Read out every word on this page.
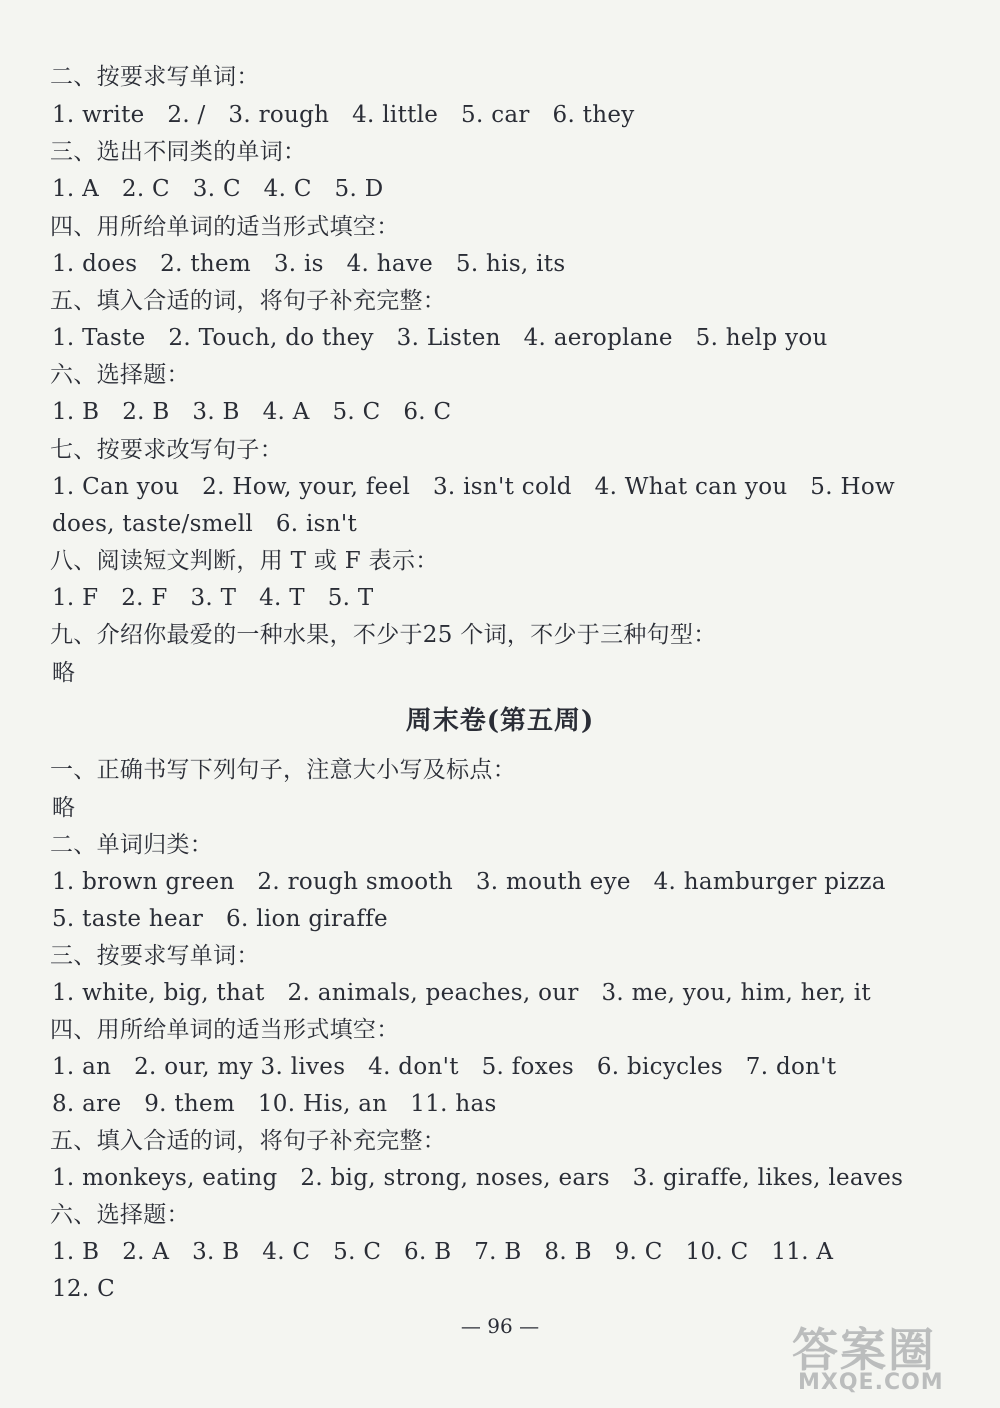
二、按要求写单词：
1. write   2. /   3. rough   4. little   5. car   6. they
三、选出不同类的单词：
1. A   2. C   3. C   4. C   5. D
四、用所给单词的适当形式填空：
1. does   2. them   3. is   4. have   5. his, its
五、填入合适的词，将句子补充完整：
1. Taste   2. Touch, do they   3. Listen   4. aeroplane   5. help you
六、选择题：
1. B   2. B   3. B   4. A   5. C   6. C
七、按要求改写句子：
1. Can you   2. How, your, feel   3. isn't cold   4. What can you   5. How
does, taste/smell   6. isn't
八、阅读短文判断，用 T 或 F 表示：
1. F   2. F   3. T   4. T   5. T
九、介绍你最爱的一种水果，不少于25 个词，不少于三种句型：
略
周末卷(第五周)
一、正确书写下列句子，注意大小写及标点：
略
二、单词归类：
1. brown green   2. rough smooth   3. mouth eye   4. hamburger pizza
5. taste hear   6. lion giraffe
三、按要求写单词：
1. white, big, that   2. animals, peaches, our   3. me, you, him, her, it
四、用所给单词的适当形式填空：
1. an   2. our, my 3. lives   4. don't   5. foxes   6. bicycles   7. don't
8. are   9. them   10. His, an   11. has
五、填入合适的词，将句子补充完整：
1. monkeys, eating   2. big, strong, noses, ears   3. giraffe, likes, leaves
六、选择题：
1. B   2. A   3. B   4. C   5. C   6. B   7. B   8. B   9. C   10. C   11. A
12. C
— 96 —	答案圈
MXQE.COM
